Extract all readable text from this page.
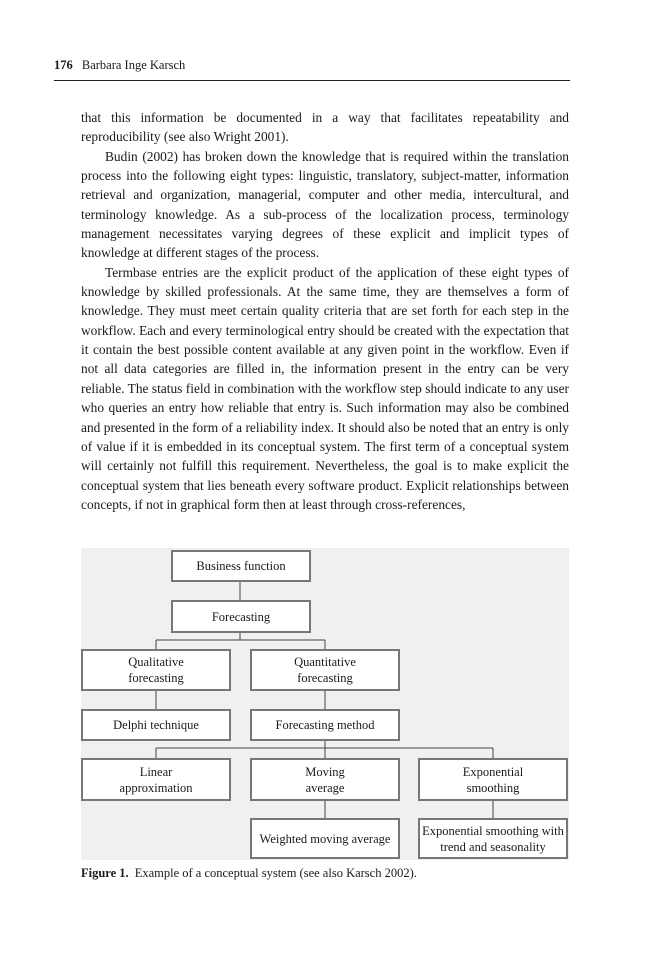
176 Barbara Inge Karsch

that this information be documented in a way that facilitates repeatability and reproducibility (see also Wright 2001).

Budin (2002) has broken down the knowledge that is required within the translation process into the following eight types: linguistic, translatory, subject-matter, information retrieval and organization, managerial, computer and other media, intercultural, and terminology knowledge. As a sub-process of the localization process, terminology management necessitates varying degrees of these explicit and implicit types of knowledge at different stages of the process.

Termbase entries are the explicit product of the application of these eight types of knowledge by skilled professionals. At the same time, they are themselves a form of knowledge. They must meet certain quality criteria that are set forth for each step in the workflow. Each and every terminological entry should be created with the expectation that it contain the best possible content available at any given point in the workflow. Even if not all data categories are filled in, the information present in the entry can be very reliable. The status field in combination with the workflow step should indicate to any user who queries an entry how reliable that entry is. Such information may also be combined and presented in the form of a reliability index. It should also be noted that an entry is only of value if it is embedded in its conceptual system. The first term of a conceptual system will certainly not fulfill this requirement. Nevertheless, the goal is to make explicit the conceptual system that lies beneath every software product. Explicit relationships between concepts, if not in graphical form then at least through cross-references,

Business function
Forecasting
Qualitative forecasting
Quantitative forecasting
Delphi technique	Forecasting method
Linear approximation
Moving average
Exponential smoothing
Weighted moving average
Exponential smoothing with trend and seasonality
Figure 1. Example of a conceptual system (see also Karsch 2002).
